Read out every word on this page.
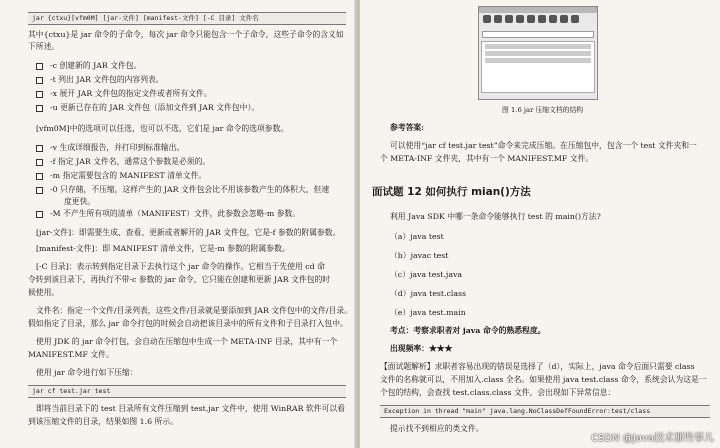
jar {ctxu}[vfm0M] [jar-文件] [manifest-文件] [-C 目录] 文件名
其中{ctxu}是 jar 命令的子命令，每次 jar 命令只能包含一个子命令，这些子命令的含义如
下所述。
-c 创建新的 JAR 文件包。
-t 列出 JAR 文件包的内容列表。
-x 展开 JAR 文件包的指定文件或者所有文件。
-u 更新已存在的 JAR 文件包（添加文件到 JAR 文件包中）。
[vfm0M]中的选项可以任选，也可以不选，它们是 jar 命令的选项参数。
-v 生成详细报告，并打印到标准输出。
-f 指定 JAR 文件名，通常这个参数是必须的。
-m 指定需要包含的 MANIFEST 清单文件。
-0 只存储，不压缩，这样产生的 JAR 文件包会比不用该参数产生的体积大，但速
度更快。
-M 不产生所有项的清单（MANIFEST）文件，此参数会忽略-m 参数。
[jar-文件]：即需要生成、查看、更新或者解开的 JAR 文件包，它是-f 参数的附属参数。
[manifest-文件]：即 MANIFEST 清单文件，它是-m 参数的附属参数。
[-C 目录]：表示转到指定目录下去执行这个 jar 命令的操作。它相当于先使用 cd 命
令转到该目录下，再执行不带-c 参数的 jar 命令，它只能在创建和更新 JAR 文件包的时
候使用。
文件名：指定一个文件/目录列表，这些文件/目录就是要添加到 JAR 文件包中的文件/目录。
假如指定了目录，那么 jar 命令打包的时候会自动把该目录中的所有文件和子目录打入包中。
使用 JDK 的 jar 命令打包，会自动在压缩包中生成一个 META-INF 目录，其中有一个
MANIFEST.MF 文件。
使用 jar 命令进行如下压缩：
jar cf test.jar test
即将当前目录下的 test 目录所有文件压缩到 test.jar 文件中，使用 WinRAR 软件可以看
到该压缩文件的目录，结果如图 1.6 所示。
图 1.6 jar 压缩文档的结构
参考答案:
可以使用“jar cf test.jar test”命令来完成压缩。在压缩包中，包含一个 test 文件夹和一
个 META-INF 文件夹，其中有一个 MANIFEST.MF 文件。
面试题 12 如何执行 mian()方法
利用 Java SDK 中哪一条命令能够执行 test 的 main()方法?
（a）java test
（b）javac test
（c）java test.java
（d）java test.class
（e）java test.main
考点：考察求职者对 java 命令的熟悉程度。
出现频率：★★★
【面试题解析】求职者容易出现的错误是选择了（d），实际上，java 命令后面只需要 class
文件的名称就可以，不用加入.class 全名。如果使用 java test.class 命令，系统会认为这是一
个包的结构，会查找 test.class.class 文件，会出现如下异常信息：
Exception in thread "main" java.lang.NoClassDefFoundError:test/class
提示找不到相应的类文件。
CSDN @Java技术那些事儿
